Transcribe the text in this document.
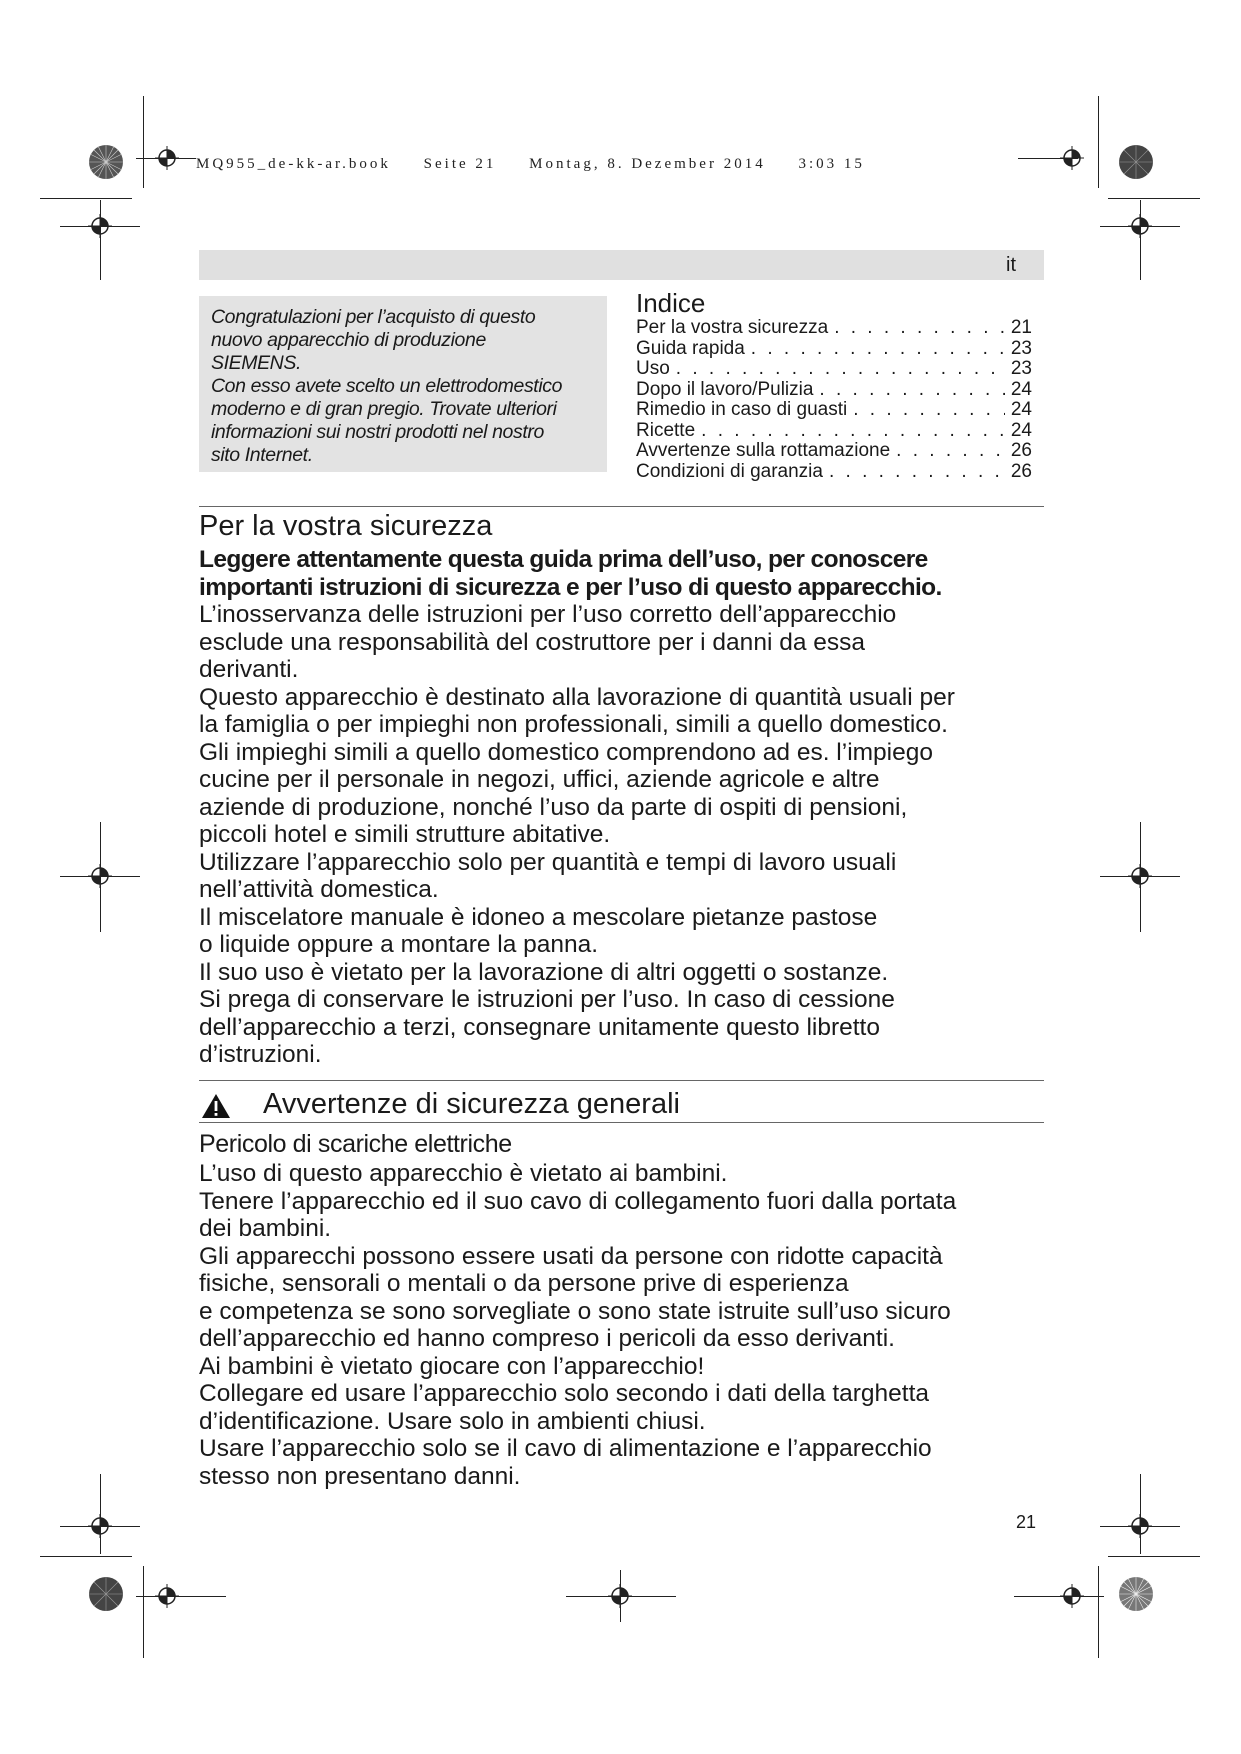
MQ955_de-kk-ar.book Seite 21 Montag, 8. Dezember 2014 3:03 15
it

Congratulazioni per l’acquisto di questo
nuovo apparecchio di produzione
SIEMENS.
Con esso avete scelto un elettrodomestico
moderno e di gran pregio. Trovate ulteriori
informazioni sui nostri prodotti nel nostro
sito Internet.

Indice
Per la vostra sicurezza . . .	21
Guida rapida . . .	23
Uso . . .	23
Dopo il lavoro/Pulizia . . .	24
Rimedio in caso di guasti . . .	24
Ricette . . .	24
Avvertenze sulla rottamazione . . .	26
Condizioni di garanzia . . .	26
Per la vostra sicurezza
Leggere attentamente questa guida prima dell’uso, per conoscere
importanti istruzioni di sicurezza e per l’uso di questo apparecchio.
L’inosservanza delle istruzioni per l’uso corretto dell’apparecchio
esclude una responsabilità del costruttore per i danni da essa
derivanti.
Questo apparecchio è destinato alla lavorazione di quantità usuali per
la famiglia o per impieghi non professionali, simili a quello domestico.
Gli impieghi simili a quello domestico comprendono ad es. l’impiego
cucine per il personale in negozi, uffici, aziende agricole e altre
aziende di produzione, nonché l’uso da parte di ospiti di pensioni,
piccoli hotel e simili strutture abitative.
Utilizzare l’apparecchio solo per quantità e tempi di lavoro usuali
nell’attività domestica.
Il miscelatore manuale è idoneo a mescolare pietanze pastose
o liquide oppure a montare la panna.
Il suo uso è vietato per la lavorazione di altri oggetti o sostanze.
Si prega di conservare le istruzioni per l’uso. In caso di cessione
dell’apparecchio a terzi, consegnare unitamente questo libretto
d’istruzioni.
Avvertenze di sicurezza generali
Pericolo di scariche elettriche
L’uso di questo apparecchio è vietato ai bambini.
Tenere l’apparecchio ed il suo cavo di collegamento fuori dalla portata
dei bambini.
Gli apparecchi possono essere usati da persone con ridotte capacità
fisiche, sensorali o mentali o da persone prive di esperienza
e competenza se sono sorvegliate o sono state istruite sull’uso sicuro
dell’apparecchio ed hanno compreso i pericoli da esso derivanti.
Ai bambini è vietato giocare con l’apparecchio!
Collegare ed usare l’apparecchio solo secondo i dati della targhetta
d’identificazione. Usare solo in ambienti chiusi.
Usare l’apparecchio solo se il cavo di alimentazione e l’apparecchio
stesso non presentano danni.
21
